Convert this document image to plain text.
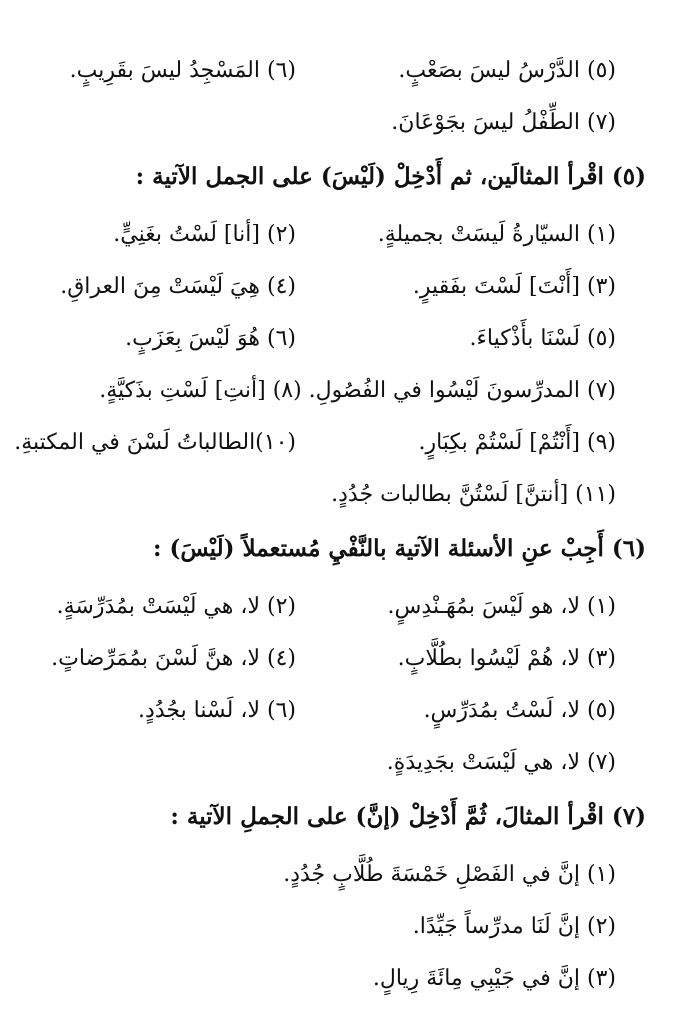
(٥) الدَّرْسُ ليسَ بصَعْبٍ.
(٦) المَسْجِدُ ليسَ بقَرِيبٍ.
(٧) الطِّفْلُ ليسَ بجَوْعَانَ.
(٥) اقْرأ المثالَين، ثم أَدْخِلْ (لَيْسَ) على الجمل الآتية :
(١) السيّارةُ لَيسَتْ بجميلةٍ.
(٢) [أنا] لَسْتُ بغَنِيٍّ.
(٣) [أَنْتَ] لَسْتَ بفَقيرٍ.
(٤) هِيَ لَيْسَتْ مِنَ العراقِ.
(٥) لَسْنَا بأَذْكياءَ.
(٦) هُوَ لَيْسَ بِعَزَبٍ.
(٧) المدرِّسونَ لَيْسُوا في الفُصُولِ. (٨) [أنتِ] لَسْتِ بذَكيَّةٍ.
(٩) [أَنْتُمْ] لَسْتُمْ بكِبَارٍ.
(١٠)الطالباتُ لَسْنَ في المكتبةِ.
(١١) [أنتنَّ] لَسْتُنَّ بطالبات جُدُدٍ.
(٦) أَجِبْ عنِ الأسئلة الآتية بالنَّفْيِ مُستعملاً (لَيْسَ) :
(١) لا، هو لَيْسَ بمُهَـنْدِسٍ.
(٢) لا، هي لَيْسَتْ بمُدَرِّسَةٍ.
(٣) لا، هُمْ لَيْسُوا بطُلَّابٍ.
(٤) لا، هنَّ لَسْنَ بمُمَرِّضاتٍ.
(٥) لا، لَسْتُ بمُدَرِّسٍ.
(٦) لا، لَسْنا بجُدُدٍ.
(٧) لا، هي لَيْسَتْ بجَدِيدَةٍ.
(٧) اقْرأ المثالَ، ثُمَّ أَدْخِلْ (إنَّ) على الجملِ الآتية :
(١) إنَّ في الفَصْلِ خَمْسَةَ طُلَّابٍ جُدُدٍ.
(٢) إنَّ لَنَا مدرِّساً جَيِّدًا.
(٣) إنَّ في جَيْبِي مِائَةَ رِيالٍ.
